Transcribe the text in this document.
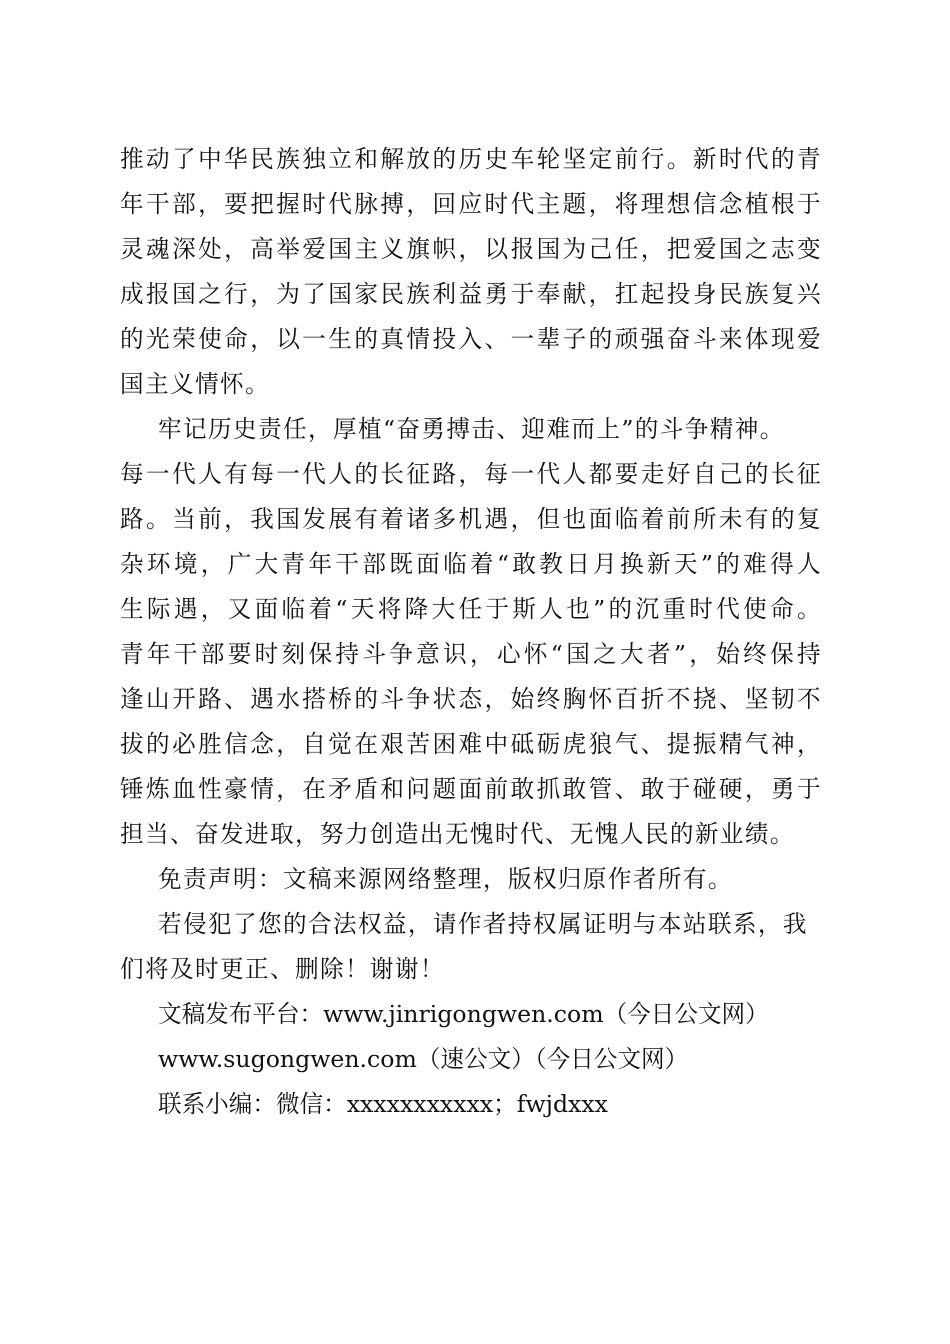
推动了中华民族独立和解放的历史车轮坚定前行。新时代的青
年干部，要把握时代脉搏，回应时代主题，将理想信念植根于
灵魂深处，高举爱国主义旗帜，以报国为己任，把爱国之志变
成报国之行，为了国家民族利益勇于奉献，扛起投身民族复兴
的光荣使命，以一生的真情投入、一辈子的顽强奋斗来体现爱
国主义情怀。
牢记历史责任，厚植“奋勇搏击、迎难而上”的斗争精神。
每一代人有每一代人的长征路，每一代人都要走好自己的长征
路。当前，我国发展有着诸多机遇，但也面临着前所未有的复
杂环境，广大青年干部既面临着“敢教日月换新天”的难得人
生际遇，又面临着“天将降大任于斯人也”的沉重时代使命。
青年干部要时刻保持斗争意识，心怀“国之大者”，始终保持
逢山开路、遇水搭桥的斗争状态，始终胸怀百折不挠、坚韧不
拔的必胜信念，自觉在艰苦困难中砥砺虎狼气、提振精气神，
锤炼血性豪情，在矛盾和问题面前敢抓敢管、敢于碰硬，勇于
担当、奋发进取，努力创造出无愧时代、无愧人民的新业绩。
免责声明：文稿来源网络整理，版权归原作者所有。
若侵犯了您的合法权益，请作者持权属证明与本站联系，我
们将及时更正、删除！谢谢！
文稿发布平台：www.jinrigongwen.com（今日公文网）
www.sugongwen.com（速公文）（今日公文网）
联系小编：微信：xxxxxxxxxxx；fwjdxxx
